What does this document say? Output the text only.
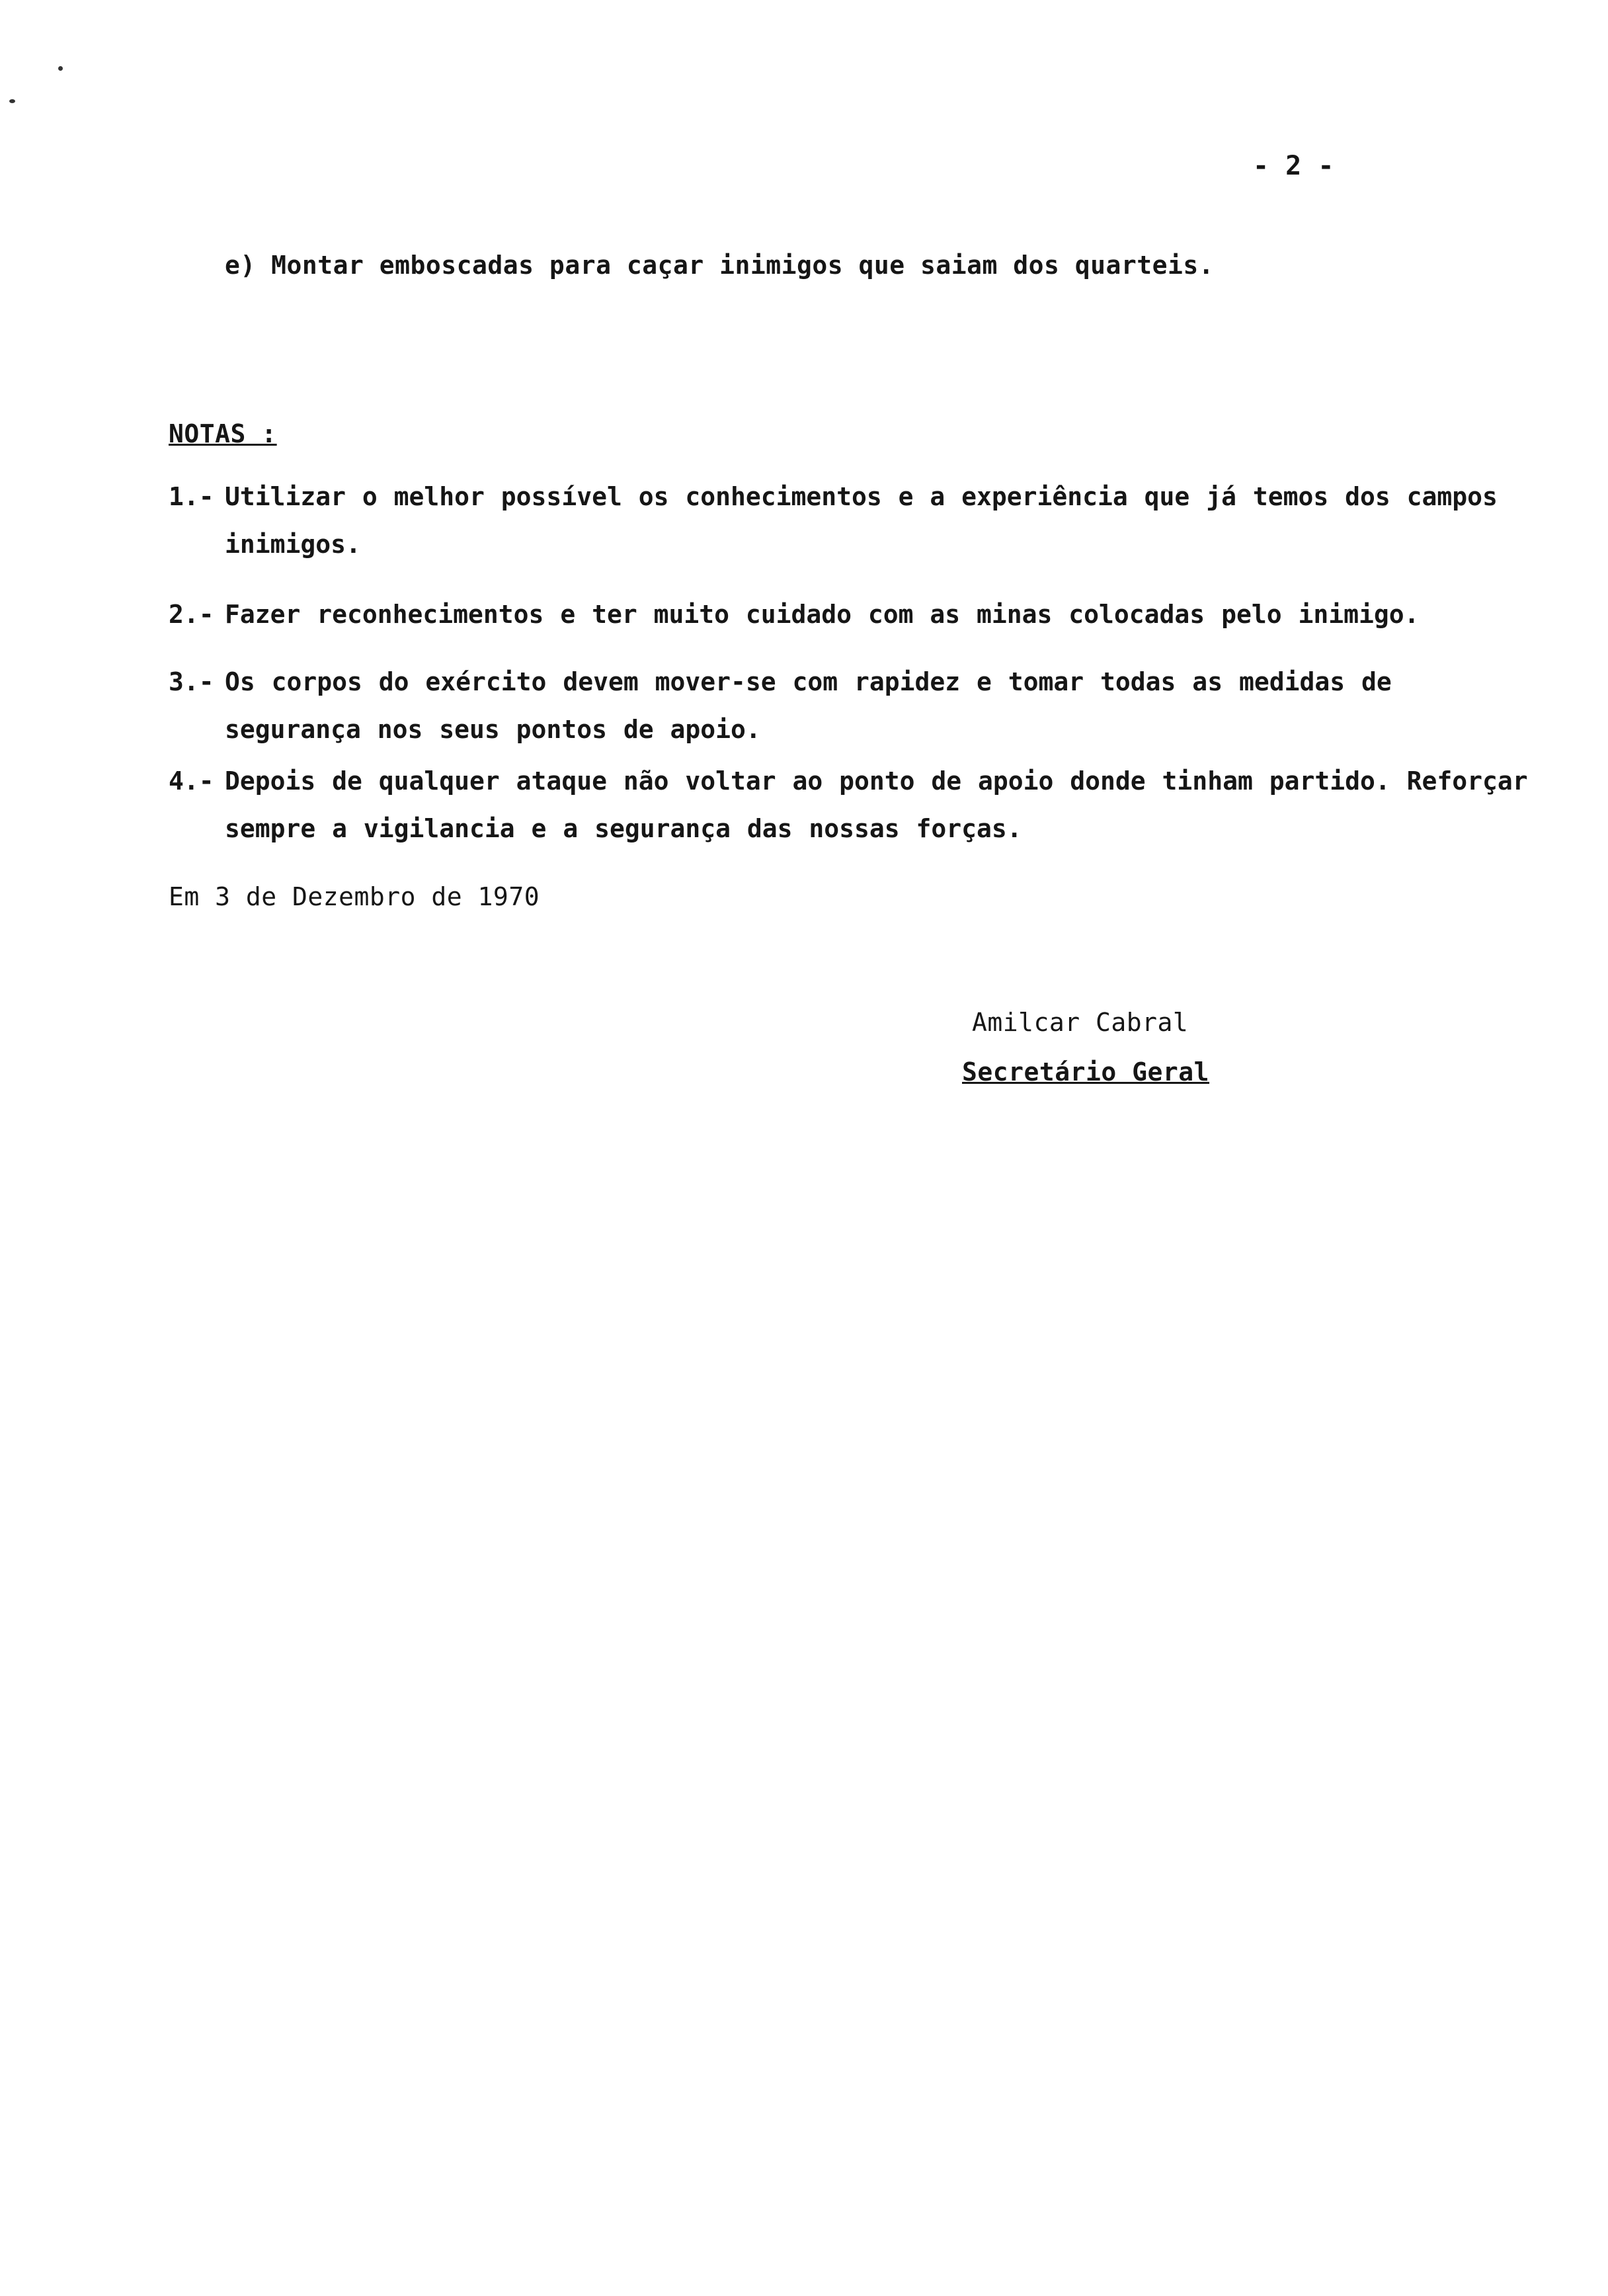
- 2 -
e) Montar emboscadas para caçar inimigos que saiam dos quarteis.
NOTAS :
1.- Utilizar o melhor possível os conhecimentos e a experiência que já temos dos campos inimigos.
2.- Fazer reconhecimentos e ter muito cuidado com as minas colocadas pelo inimigo.
3.- Os corpos do exército devem mover-se com rapidez e tomar todas as medidas de segurança nos seus pontos de apoio.
4.- Depois de qualquer ataque não voltar ao ponto de apoio donde tinham partido. Reforçar sempre a vigilancia e a segurança das nossas forças.
Em 3 de Dezembro de 1970
Amilcar Cabral
Secretário Geral
